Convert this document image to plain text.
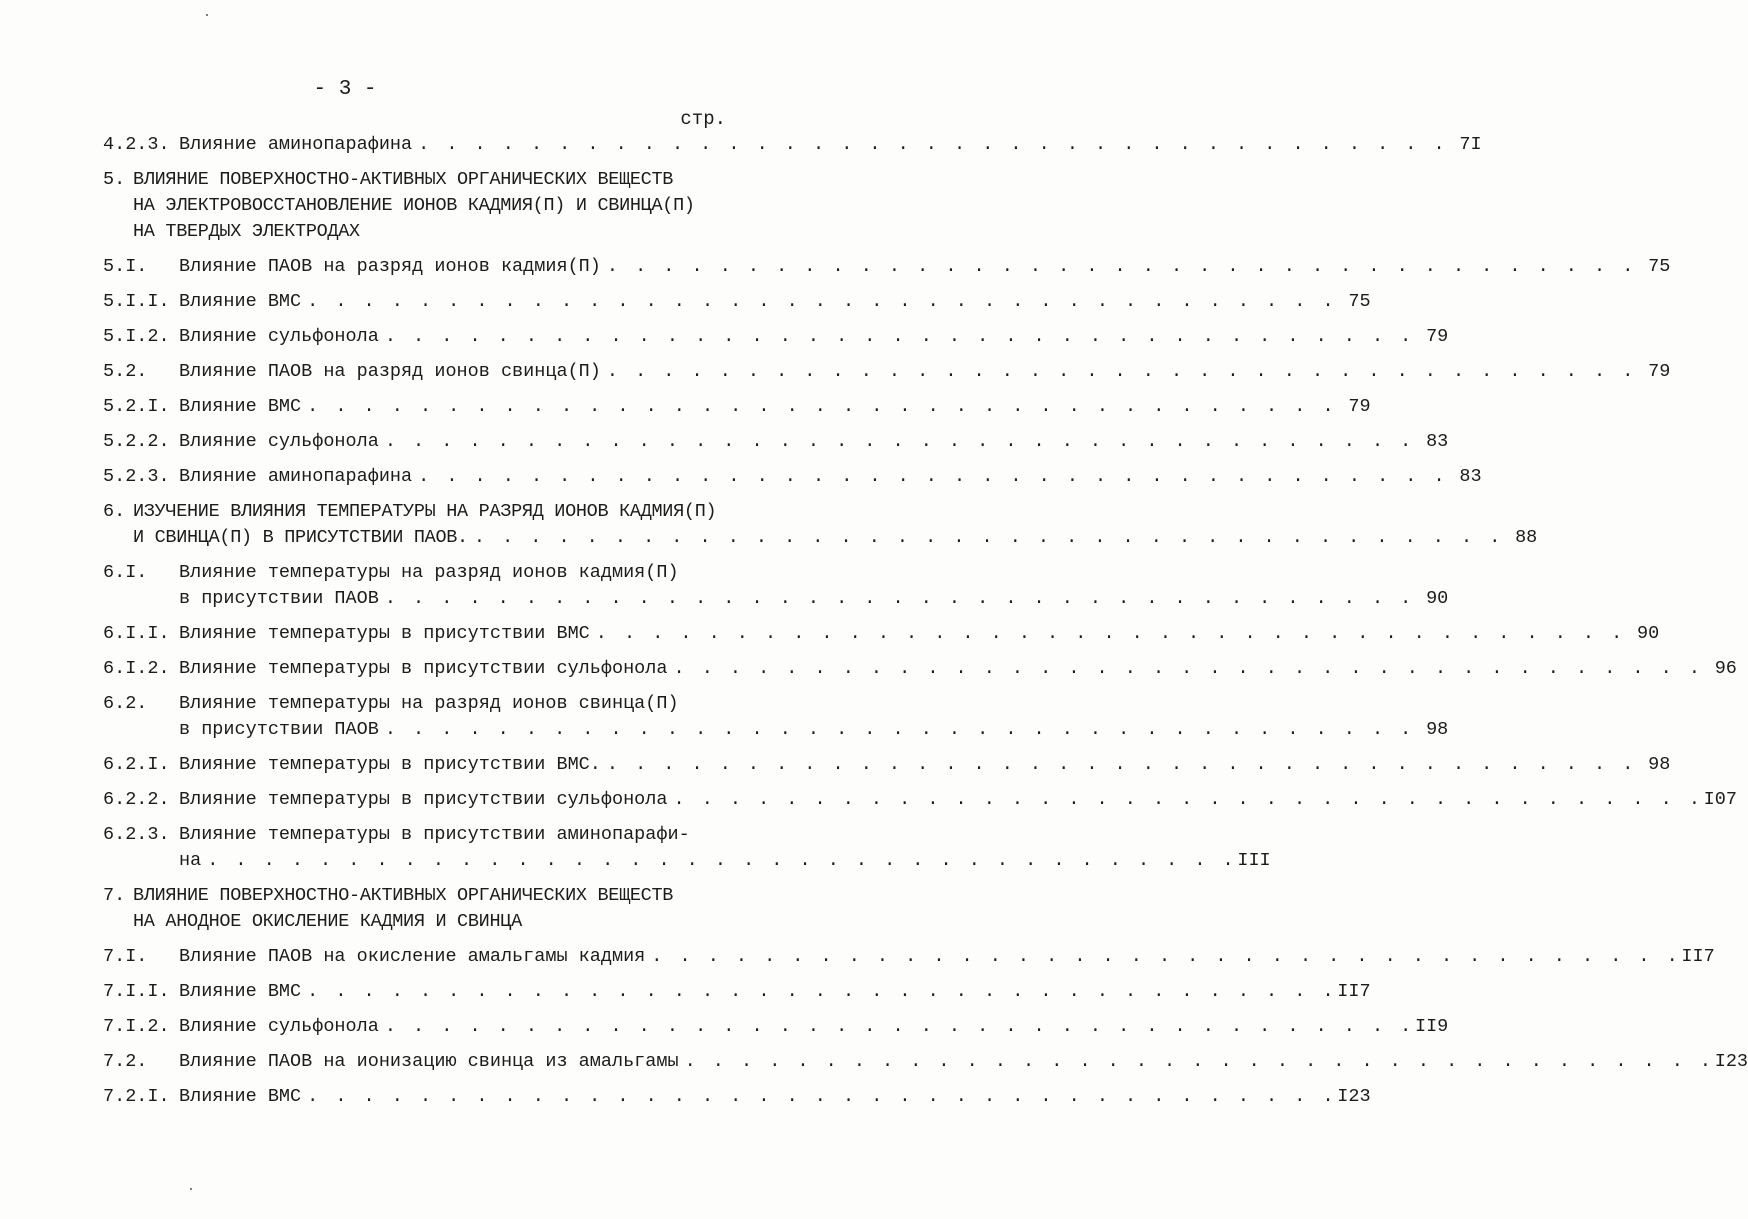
- 3 -
стр.
4.2.3. Влияние аминопарафина . . . . . . . . . . . . . . . . . . . . . . . . . . . . . . . . . . . . . 7I
5. ВЛИЯНИЕ ПОВЕРХНОСТНО-АКТИВНЫХ ОРГАНИЧЕСКИХ ВЕЩЕСТВ
НА ЭЛЕКТРОВОССТАНОВЛЕНИЕ ИОНОВ КАДМИЯ(П) И СВИНЦА(П)
НА ТВЕРДЫХ ЭЛЕКТРОДАХ
5.I.	Влияние ПАОВ на разряд ионов кадмия(П) . . . . . . . . . . . . . . . . . . . . . . . . . . . . . . . . . . . . . 75
5.I.I. Влияние ВМС . . . . . . . . . . . . . . . . . . . . . . . . . . . . . . . . . . . . . 75
5.I.2. Влияние сульфонола . . . . . . . . . . . . . . . . . . . . . . . . . . . . . . . . . . . . . 79
5.2.	Влияние ПАОВ на разряд ионов свинца(П) . . . . . . . . . . . . . . . . . . . . . . . . . . . . . . . . . . . . . 79
5.2.I. Влияние ВМС . . . . . . . . . . . . . . . . . . . . . . . . . . . . . . . . . . . . . 79
5.2.2. Влияние сульфонола . . . . . . . . . . . . . . . . . . . . . . . . . . . . . . . . . . . . . 83
5.2.3. Влияние аминопарафина . . . . . . . . . . . . . . . . . . . . . . . . . . . . . . . . . . . . . 83
6. ИЗУЧЕНИЕ ВЛИЯНИЯ ТЕМПЕРАТУРЫ НА РАЗРЯД ИОНОВ КАДМИЯ(П)
И СВИНЦА(П) В ПРИСУТСТВИИ ПАОВ. . . . . . . . . . . . . . . . . . . . . . . . . . . . . . . . . . . . . . 88
6.I.	Влияние температуры на разряд ионов кадмия(П)
в присутствии ПАОВ . . . . . . . . . . . . . . . . . . . . . . . . . . . . . . . . . . . . . 90
6.I.I. Влияние температуры в присутствии ВМС . . . . . . . . . . . . . . . . . . . . . . . . . . . . . . . . . . . . . 90
6.I.2. Влияние температуры в присутствии сульфонола . . . . . . . . . . . . . . . . . . . . . . . . . . . . . . . . . . . . . 96
6.2.	Влияние температуры на разряд ионов свинца(П)
в присутствии ПАОВ . . . . . . . . . . . . . . . . . . . . . . . . . . . . . . . . . . . . . 98
6.2.I. Влияние температуры в присутствии ВМС. . . . . . . . . . . . . . . . . . . . . . . . . . . . . . . . . . . . . . 98
6.2.2. Влияние температуры в присутствии сульфонола . . . . . . . . . . . . . . . . . . . . . . . . . . . . . . . . . . . . . I07
6.2.3. Влияние температуры в присутствии аминопарафи-
на . . . . . . . . . . . . . . . . . . . . . . . . . . . . . . . . . . . . . III
7. ВЛИЯНИЕ ПОВЕРХНОСТНО-АКТИВНЫХ ОРГАНИЧЕСКИХ ВЕЩЕСТВ
НА АНОДНОЕ ОКИСЛЕНИЕ КАДМИЯ И СВИНЦА
7.I.	Влияние ПАОВ на окисление амальгамы кадмия . . . . . . . . . . . . . . . . . . . . . . . . . . . . . . . . . . . . . II7
7.I.I. Влияние ВМС . . . . . . . . . . . . . . . . . . . . . . . . . . . . . . . . . . . . . II7
7.I.2. Влияние сульфонола . . . . . . . . . . . . . . . . . . . . . . . . . . . . . . . . . . . . . II9
7.2.	Влияние ПАОВ на ионизацию свинца из амальгамы . . . . . . . . . . . . . . . . . . . . . . . . . . . . . . . . . . . . . I23
7.2.I. Влияние ВМС . . . . . . . . . . . . . . . . . . . . . . . . . . . . . . . . . . . . . I23
